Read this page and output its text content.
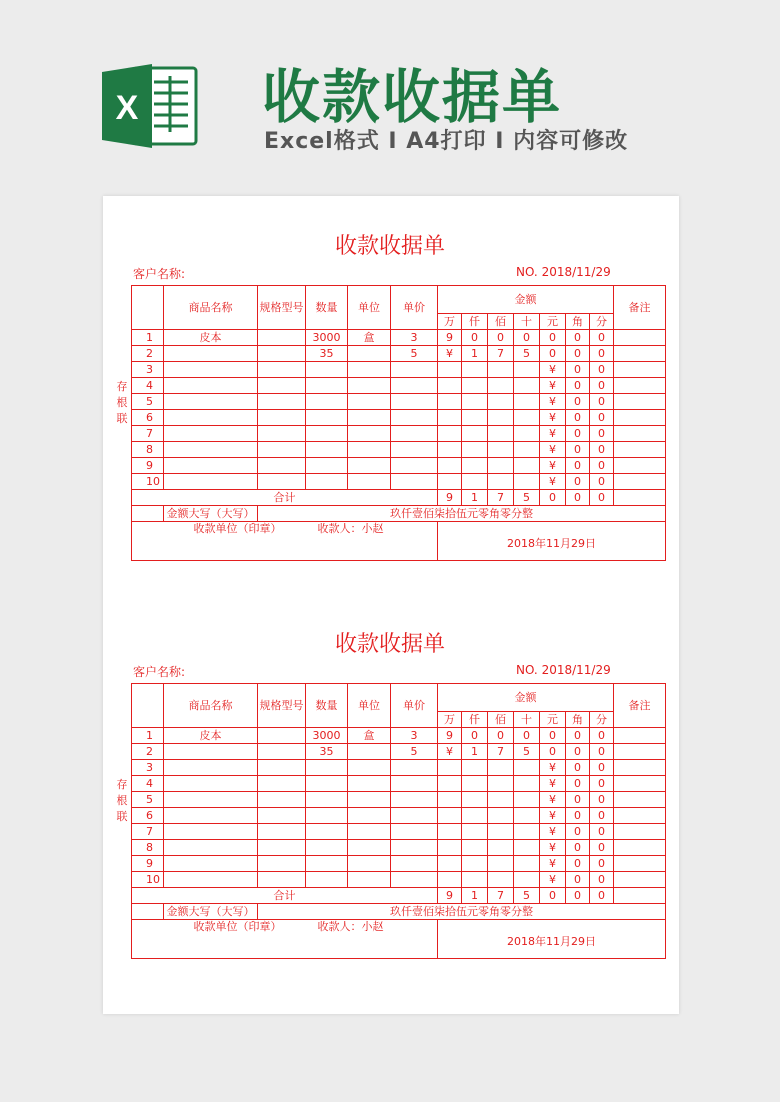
X 收款收据单
Excel格式 I A4打印 I 内容可修改
收款收据单
客户名称:	NO. 2018/11/29
存
根
联
	商品名称	规格型号	数量	单位	单价	金额							备注
						万	仟	佰	十	元	角	分	
1	皮本		3000	盒	3	9	0	0	0	0	0	0	
2			35		5	¥	1	7	5	0	0	0	
3										¥	0	0	
4										¥	0	0	
5										¥	0	0	
6										¥	0	0	
7										¥	0	0	
8										¥	0	0	
9										¥	0	0	
10										¥	0	0	
合计						9	1	7	5	0	0	0	
	金额大写（大写）	玖仟壹佰柒拾伍元零角零分整											
收款单位（印章） 收款人：小赵						2018年11月29日							
收款收据单
客户名称:	NO. 2018/11/29
存
根
联
	商品名称	规格型号	数量	单位	单价	金额							备注
						万	仟	佰	十	元	角	分	
1	皮本		3000	盒	3	9	0	0	0	0	0	0	
2			35		5	¥	1	7	5	0	0	0	
3										¥	0	0	
4										¥	0	0	
5										¥	0	0	
6										¥	0	0	
7										¥	0	0	
8										¥	0	0	
9										¥	0	0	
10										¥	0	0	
合计						9	1	7	5	0	0	0	
	金额大写（大写）	玖仟壹佰柒拾伍元零角零分整											
收款单位（印章） 收款人：小赵						2018年11月29日							
